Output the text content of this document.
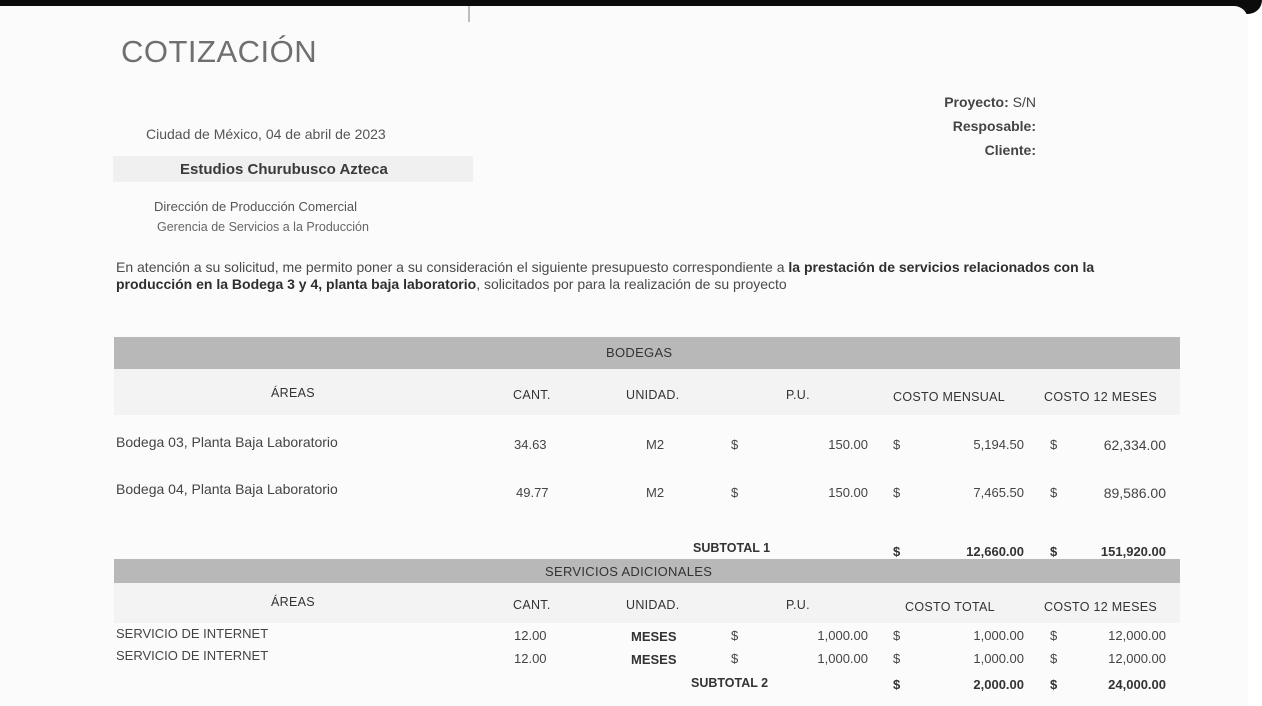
COTIZACIÓN
Ciudad de México, 04 de abril de 2023
Estudios Churubusco Azteca
Dirección de Producción Comercial
Gerencia de Servicios a la Producción
Proyecto: S/N
Resposable:
Cliente:
En atención a su solicitud, me permito poner a su consideración el siguiente presupuesto correspondiente a la prestación de servicios relacionados con la producción en la Bodega 3 y 4, planta baja laboratorio, solicitados por para la realización de su proyecto
BODEGAS
ÁREAS	CANT.	UNIDAD.	P.U.	COSTO MENSUAL	COSTO 12 MESES
Bodega 03, Planta Baja Laboratorio	34.63	M2	$	150.00 $	5,194.50 $	62,334.00
Bodega 04, Planta Baja Laboratorio	49.77	M2	$	150.00 $	7,465.50 $	89,586.00
SUBTOTAL 1	$	12,660.00 $	151,920.00
SERVICIOS ADICIONALES
ÁREAS	CANT.	UNIDAD.	P.U.	COSTO TOTAL	COSTO 12 MESES
SERVICIO DE INTERNET	12.00	MESES	$	1,000.00 $	1,000.00 $	12,000.00
SERVICIO DE INTERNET	12.00	MESES	$	1,000.00 $	1,000.00 $	12,000.00
SUBTOTAL 2	$	2,000.00 $	24,000.00
